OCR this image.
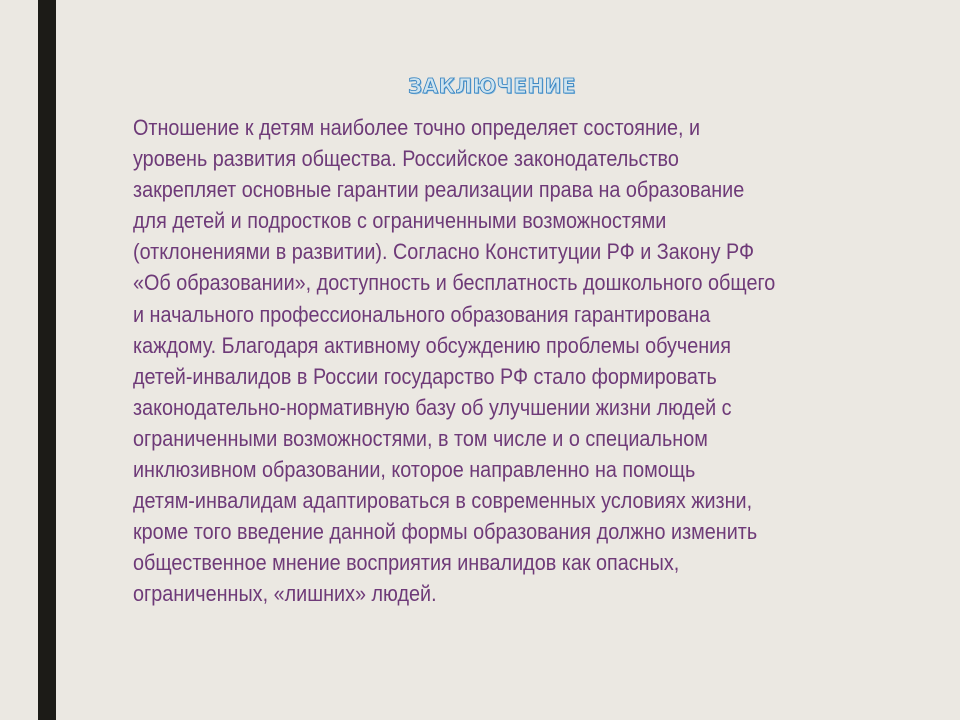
ЗАКЛЮЧЕНИЕ

Отношение к детям наиболее точно определяет состояние, и
уровень развития общества. Российское законодательство
закрепляет основные гарантии реализации права на образование
для детей и подростков с ограниченными возможностями
(отклонениями в развитии). Согласно Конституции РФ и Закону РФ
«Об образовании», доступность и бесплатность дошкольного общего
и начального профессионального образования гарантирована
каждому. Благодаря активному обсуждению проблемы обучения
детей-инвалидов в России государство РФ стало формировать
законодательно-нормативную базу об улучшении жизни людей с
ограниченными возможностями, в том числе и о специальном
инклюзивном образовании, которое направленно на помощь
детям-инвалидам адаптироваться в современных условиях жизни,
кроме того введение данной формы образования должно изменить
общественное мнение восприятия инвалидов как опасных,
ограниченных, «лишних» людей.
